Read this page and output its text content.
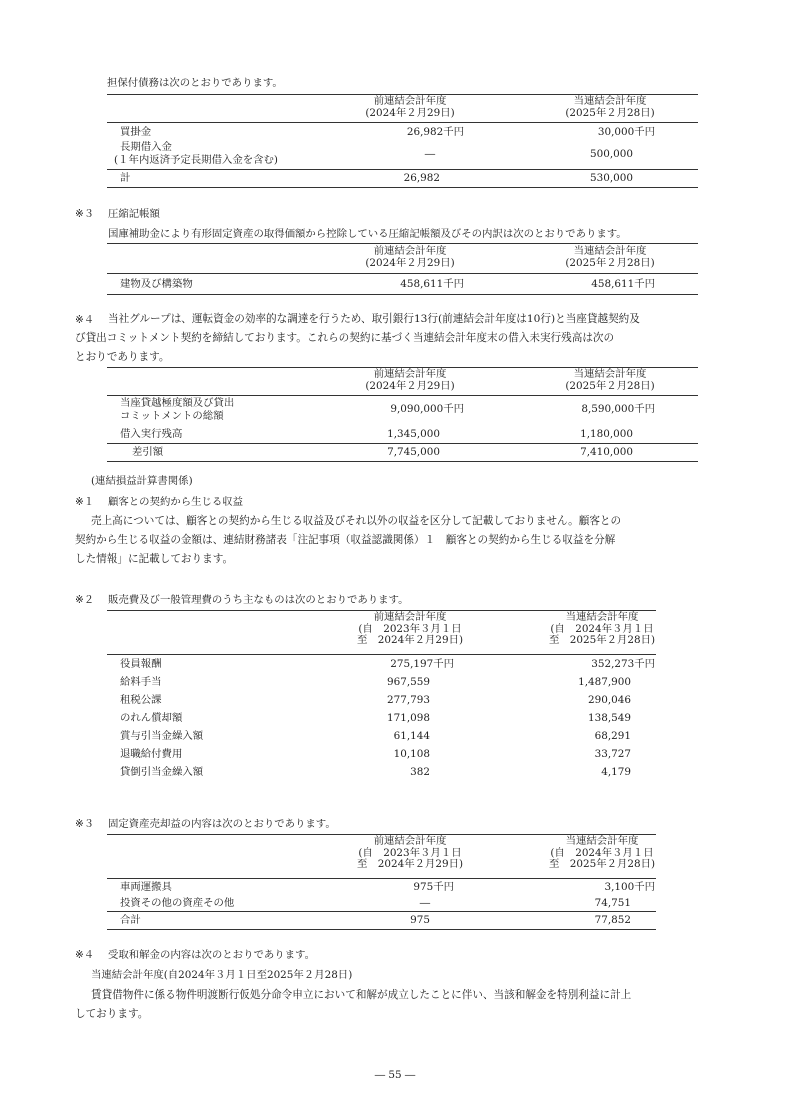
担保付債務は次のとおりであります。
前連結会計年度
(2024年２月29日)
当連結会計年度
(2025年２月28日)
買掛金	26,982千円	30,000千円
長期借入金
(１年内返済予定長期借入金を含む)	―	500,000
計	26,982	530,000
※３ 圧縮記帳額
国庫補助金により有形固定資産の取得価額から控除している圧縮記帳額及びその内訳は次のとおりであります。
前連結会計年度
(2024年２月29日)
当連結会計年度
(2025年２月28日)
建物及び構築物	458,611千円	458,611千円
※４ 当社グループは、運転資金の効率的な調達を行うため、取引銀行13行(前連結会計年度は10行)と当座貸越契約及
び貸出コミットメント契約を締結しております。これらの契約に基づく当連結会計年度末の借入未実行残高は次の
とおりであります。
前連結会計年度
(2024年２月29日)
当連結会計年度
(2025年２月28日)
当座貸越極度額及び貸出
コミットメントの総額
9,090,000千円	8,590,000千円
借入実行残高	1,345,000	1,180,000
差引額	7,745,000	7,410,000
(連結損益計算書関係)
※１ 顧客との契約から生じる収益
売上高については、顧客との契約から生じる収益及びそれ以外の収益を区分して記載しておりません。顧客との
契約から生じる収益の金額は、連結財務諸表「注記事項（収益認識関係）１　顧客との契約から生じる収益を分解
した情報」に記載しております。
※２ 販売費及び一般管理費のうち主なものは次のとおりであります。
前連結会計年度
(自　2023年３月１日
至　2024年２月29日)
当連結会計年度
(自　2024年３月１日
至　2025年２月28日)
役員報酬	275,197千円	352,273千円
給料手当	967,559	1,487,900
租税公課	277,793	290,046
のれん償却額	171,098	138,549
賞与引当金繰入額	61,144	68,291
退職給付費用	10,108	33,727
貸倒引当金繰入額	382	4,179
※３ 固定資産売却益の内容は次のとおりであります。
前連結会計年度
(自　2023年３月１日
至　2024年２月29日)
当連結会計年度
(自　2024年３月１日
至　2025年２月28日)
車両運搬具	975千円	3,100千円
投資その他の資産その他	―	74,751
合計	975	77,852
※４ 受取和解金の内容は次のとおりであります。
当連結会計年度(自2024年３月１日至2025年２月28日)
賃貸借物件に係る物件明渡断行仮処分命令申立において和解が成立したことに伴い、当該和解金を特別利益に計上
しております。
― 55 ―
